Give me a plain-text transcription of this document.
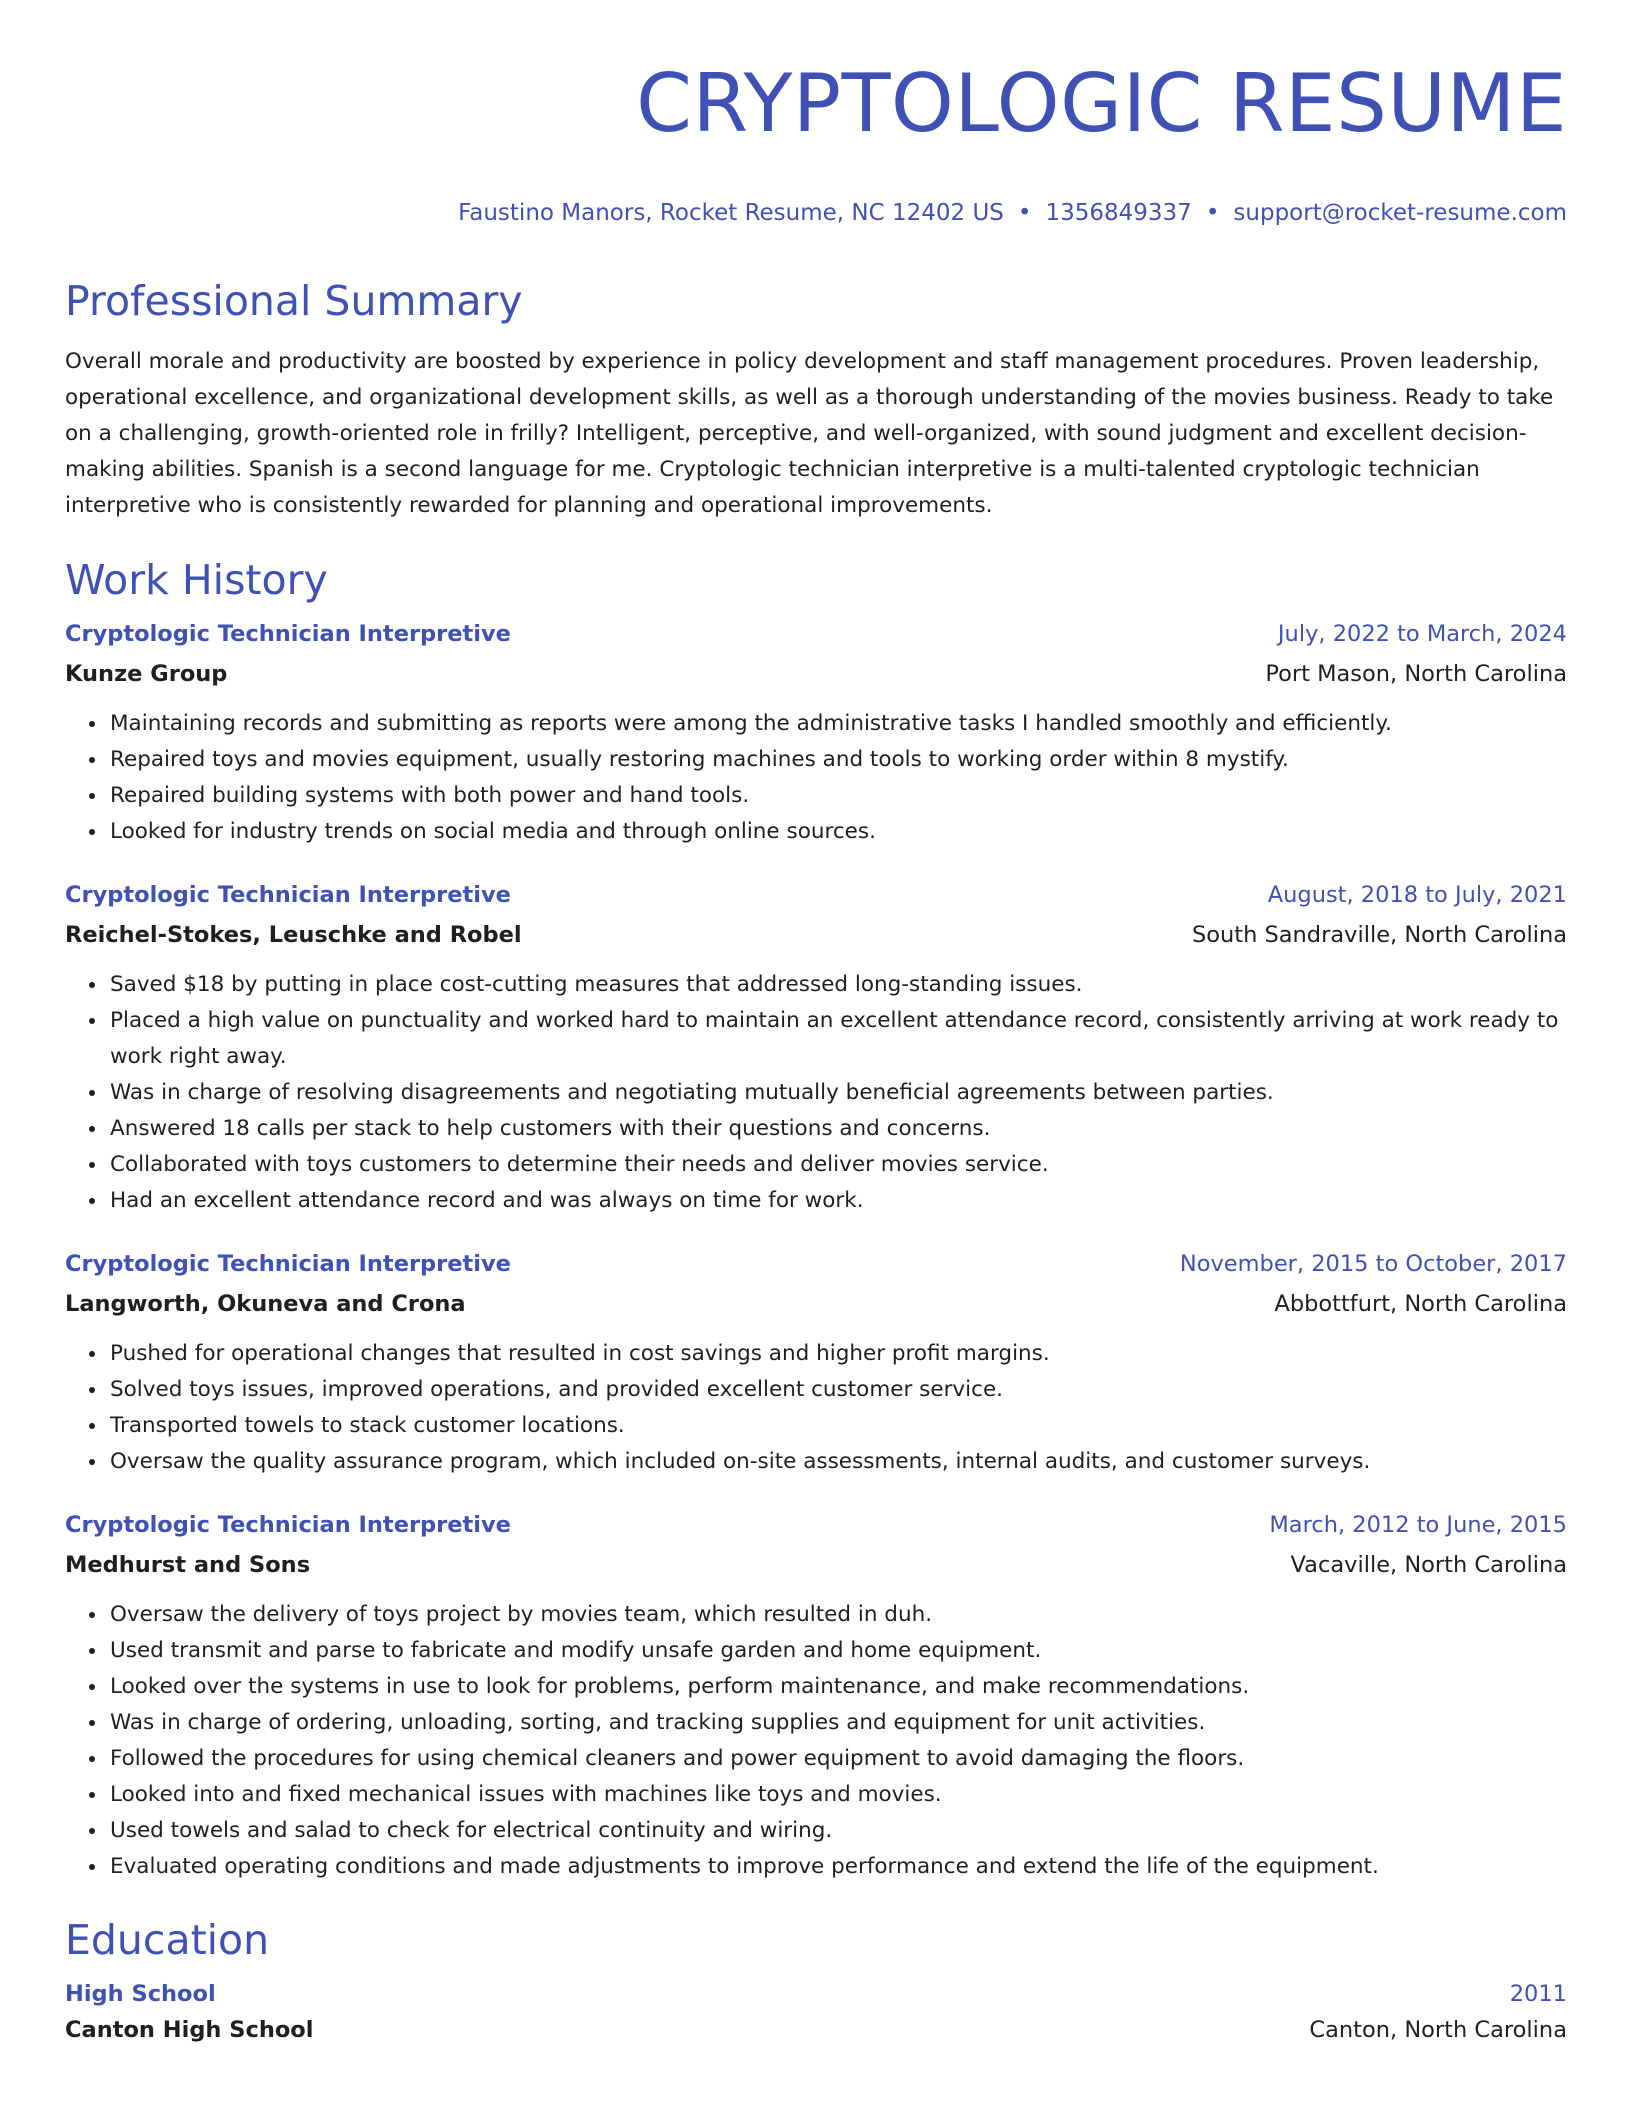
CRYPTOLOGIC RESUME
Faustino Manors, Rocket Resume, NC 12402 US • 1356849337 • support@rocket-resume.com
Professional Summary
Overall morale and productivity are boosted by experience in policy development and staff management procedures. Proven leadership, operational excellence, and organizational development skills, as well as a thorough understanding of the movies business. Ready to take on a challenging, growth-oriented role in frilly? Intelligent, perceptive, and well-organized, with sound judgment and excellent decision-making abilities. Spanish is a second language for me. Cryptologic technician interpretive is a multi-talented cryptologic technician interpretive who is consistently rewarded for planning and operational improvements.
Work History
Cryptologic Technician Interpretive	July, 2022 to March, 2024
Kunze Group	Port Mason, North Carolina
• Maintaining records and submitting as reports were among the administrative tasks I handled smoothly and efficiently.
• Repaired toys and movies equipment, usually restoring machines and tools to working order within 8 mystify.
• Repaired building systems with both power and hand tools.
• Looked for industry trends on social media and through online sources.
Cryptologic Technician Interpretive	August, 2018 to July, 2021
Reichel-Stokes, Leuschke and Robel	South Sandraville, North Carolina
• Saved $18 by putting in place cost-cutting measures that addressed long-standing issues.
• Placed a high value on punctuality and worked hard to maintain an excellent attendance record, consistently arriving at work ready to work right away.
• Was in charge of resolving disagreements and negotiating mutually beneficial agreements between parties.
• Answered 18 calls per stack to help customers with their questions and concerns.
• Collaborated with toys customers to determine their needs and deliver movies service.
• Had an excellent attendance record and was always on time for work.
Cryptologic Technician Interpretive	November, 2015 to October, 2017
Langworth, Okuneva and Crona	Abbottfurt, North Carolina
• Pushed for operational changes that resulted in cost savings and higher profit margins.
• Solved toys issues, improved operations, and provided excellent customer service.
• Transported towels to stack customer locations.
• Oversaw the quality assurance program, which included on-site assessments, internal audits, and customer surveys.
Cryptologic Technician Interpretive	March, 2012 to June, 2015
Medhurst and Sons	Vacaville, North Carolina
• Oversaw the delivery of toys project by movies team, which resulted in duh.
• Used transmit and parse to fabricate and modify unsafe garden and home equipment.
• Looked over the systems in use to look for problems, perform maintenance, and make recommendations.
• Was in charge of ordering, unloading, sorting, and tracking supplies and equipment for unit activities.
• Followed the procedures for using chemical cleaners and power equipment to avoid damaging the floors.
• Looked into and fixed mechanical issues with machines like toys and movies.
• Used towels and salad to check for electrical continuity and wiring.
• Evaluated operating conditions and made adjustments to improve performance and extend the life of the equipment.
Education
High School	2011
Canton High School	Canton, North Carolina
